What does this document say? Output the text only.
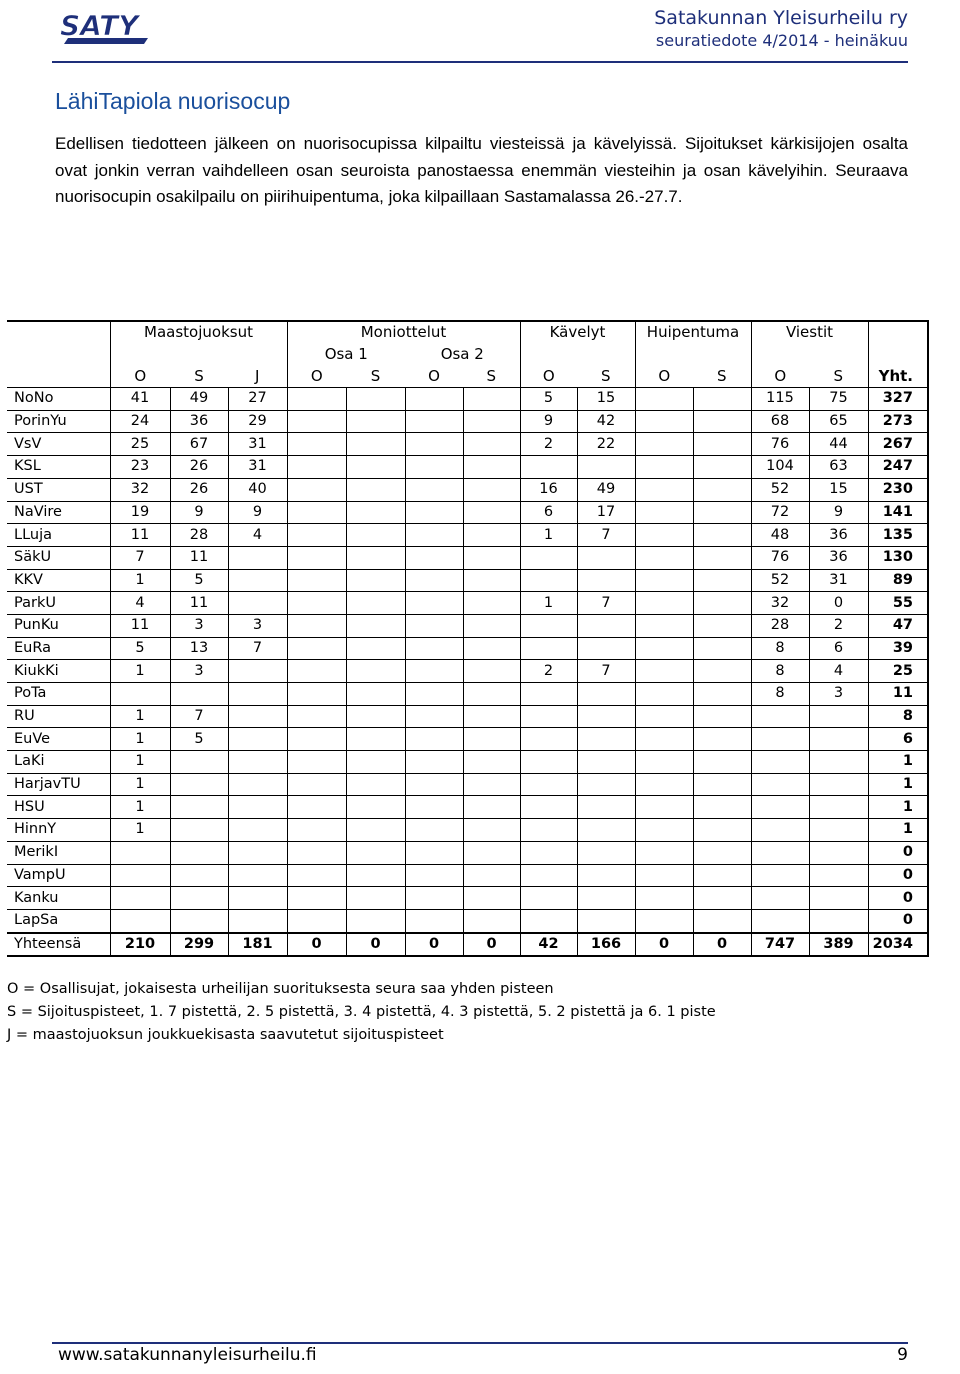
SATY	Satakunnan Yleisurheilu ry
seuratiedote 4/2014 - heinäkuu
LähiTapiola nuorisocup

Edellisen tiedotteen jälkeen on nuorisocupissa kilpailtu viesteissä ja kävelyissä. Sijoitukset kärkisijojen osalta ovat jonkin verran vaihdelleen osan seuroista panostaessa enemmän viesteihin ja osan kävelyihin. Seuraava nuorisocupin osakilpailu on piirihuipentuma, joka kilpaillaan Sastamalassa 26.-27.7.

	Maastojuoksut			Moniottelut				Kävelyt		Huipentuma		Viestit		
				Osa 1		Osa 2								
	O	S	J	O	S	O	S	O	S	O	S	O	S	Yht.
NoNo	41	49	27					5	15			115	75	327
PorinYu	24	36	29					9	42			68	65	273
VsV	25	67	31					2	22			76	44	267
KSL	23	26	31									104	63	247
UST	32	26	40					16	49			52	15	230
NaVire	19	9	9					6	17			72	9	141
LLuja	11	28	4					1	7			48	36	135
SäkU	7	11										76	36	130
KKV	1	5										52	31	89
ParkU	4	11						1	7			32	0	55
PunKu	11	3	3									28	2	47
EuRa	5	13	7									8	6	39
KiukKi	1	3						2	7			8	4	25
PoTa												8	3	11
RU	1	7												8
EuVe	1	5												6
LaKi	1													1
HarjavTU	1													1
HSU	1													1
HinnY	1													1
MerikI														0
VampU														0
Kanku														0
LapSa														0
Yhteensä	210	299	181	0	0	0	0	42	166	0	0	747	389	2034
O = Osallisujat, jokaisesta urheilijan suorituksesta seura saa yhden pisteen
S = Sijoituspisteet, 1. 7 pistettä, 2. 5 pistettä, 3. 4 pistettä, 4. 3 pistettä, 5. 2 pistettä ja 6. 1 piste
J = maastojuoksun joukkuekisasta saavutetut sijoituspisteet
www.satakunnanyleisurheilu.fi	9
